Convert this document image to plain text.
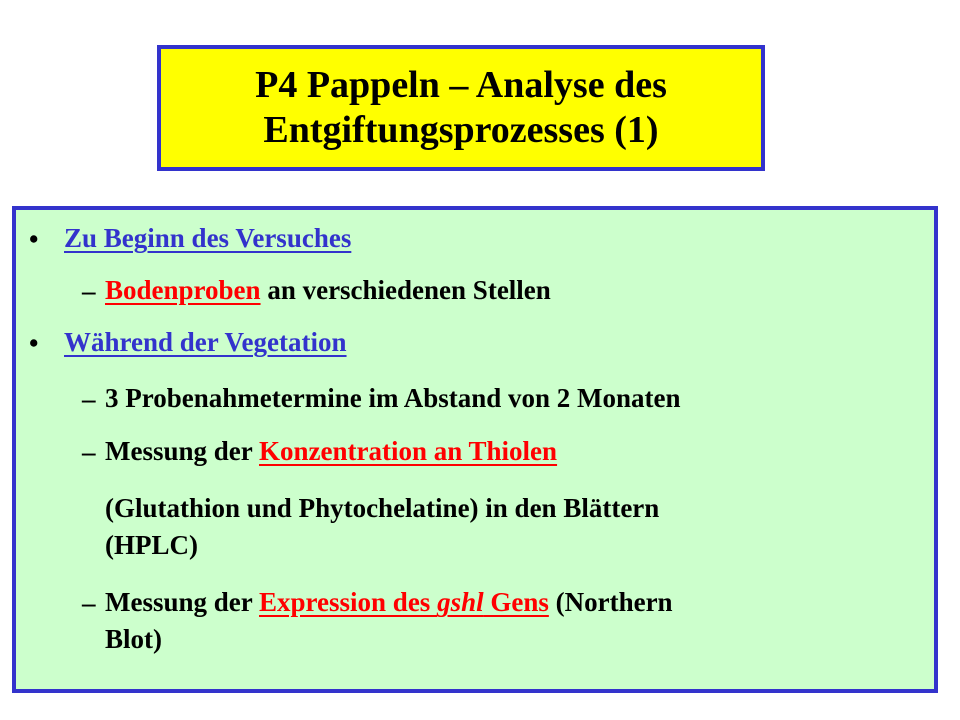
P4 Pappeln – Analyse des
Entgiftungsprozesses (1)
• Zu Beginn des Versuches
– Bodenproben an verschiedenen Stellen
• Während der Vegetation
– 3 Probenahmetermine im Abstand von 2 Monaten
– Messung der Konzentration an Thiolen
(Glutathion und Phytochelatine) in den Blättern
(HPLC)
– Messung der Expression des gshl Gens (Northern
Blot)
